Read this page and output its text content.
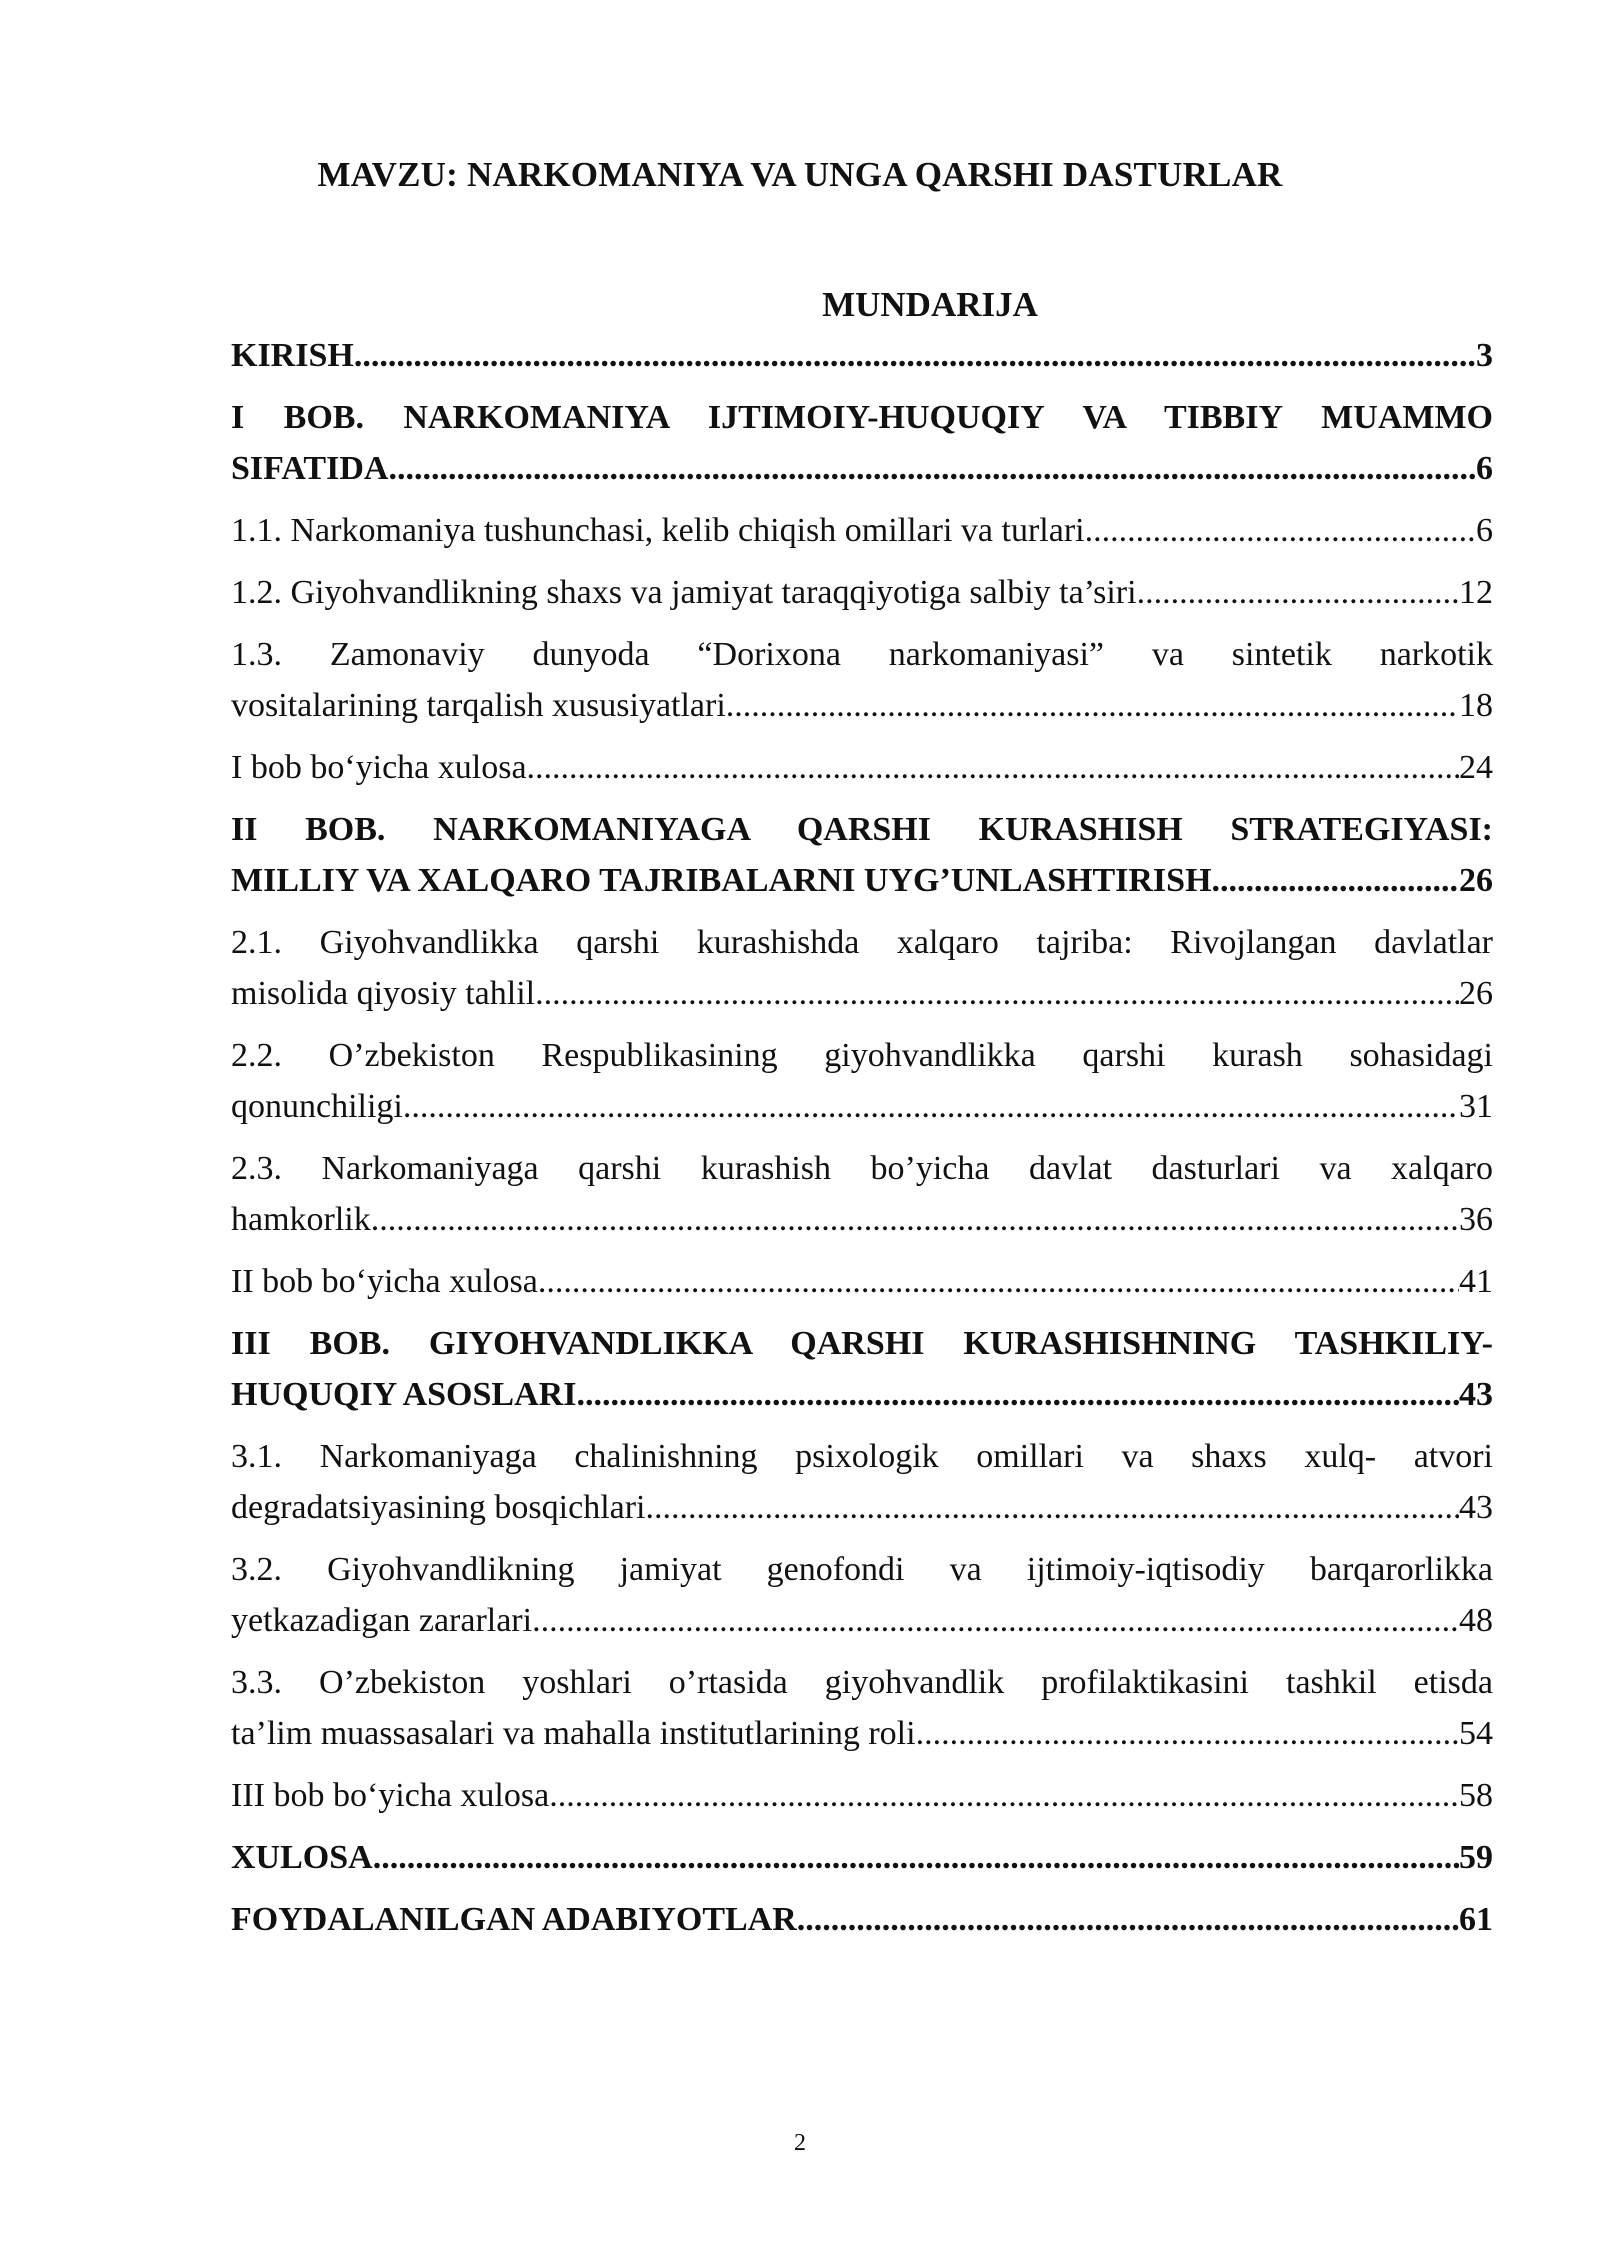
MAVZU: NARKOMANIYA VA UNGA QARSHI DASTURLAR
MUNDARIJA
KIRISH .....	3
I BOB. NARKOMANIYA IJTIMOIY-HUQUQIY VA TIBBIY MUAMMO
SIFATIDA .....	6
1.1. Narkomaniya tushunchasi, kelib chiqish omillari va turlari .....	6
1.2. Giyohvandlikning shaxs va jamiyat taraqqiyotiga salbiy ta’siri .....	12
1.3. Zamonaviy dunyoda “Dorixona narkomaniyasi” va sintetik narkotik
vositalarining tarqalish xususiyatlari .....	18
I bob bo‘yicha xulosa .....	24
II BOB. NARKOMANIYAGA QARSHI KURASHISH STRATEGIYASI:
MILLIY VA XALQARO TAJRIBALARNI UYG’UNLASHTIRISH .....	26
2.1. Giyohvandlikka qarshi kurashishda xalqaro tajriba: Rivojlangan davlatlar
misolida qiyosiy tahlil .....	26
2.2. O’zbekiston Respublikasining giyohvandlikka qarshi kurash sohasidagi
qonunchiligi .....	31
2.3. Narkomaniyaga qarshi kurashish bo’yicha davlat dasturlari va xalqaro
hamkorlik .....	36
II bob bo‘yicha xulosa .....	41
III BOB. GIYOHVANDLIKKA QARSHI KURASHISHNING TASHKILIY-
HUQUQIY ASOSLARI .....	43
3.1. Narkomaniyaga chalinishning psixologik omillari va shaxs xulq- atvori
degradatsiyasining bosqichlari .....	43
3.2. Giyohvandlikning jamiyat genofondi va ijtimoiy-iqtisodiy barqarorlikka
yetkazadigan zararlari .....	48
3.3. O’zbekiston yoshlari o’rtasida giyohvandlik profilaktikasini tashkil etisda
ta’lim muassasalari va mahalla institutlarining roli .....	54
III bob bo‘yicha xulosa .....	58
XULOSA .....	59
FOYDALANILGAN ADABIYOTLAR .....	61
2
